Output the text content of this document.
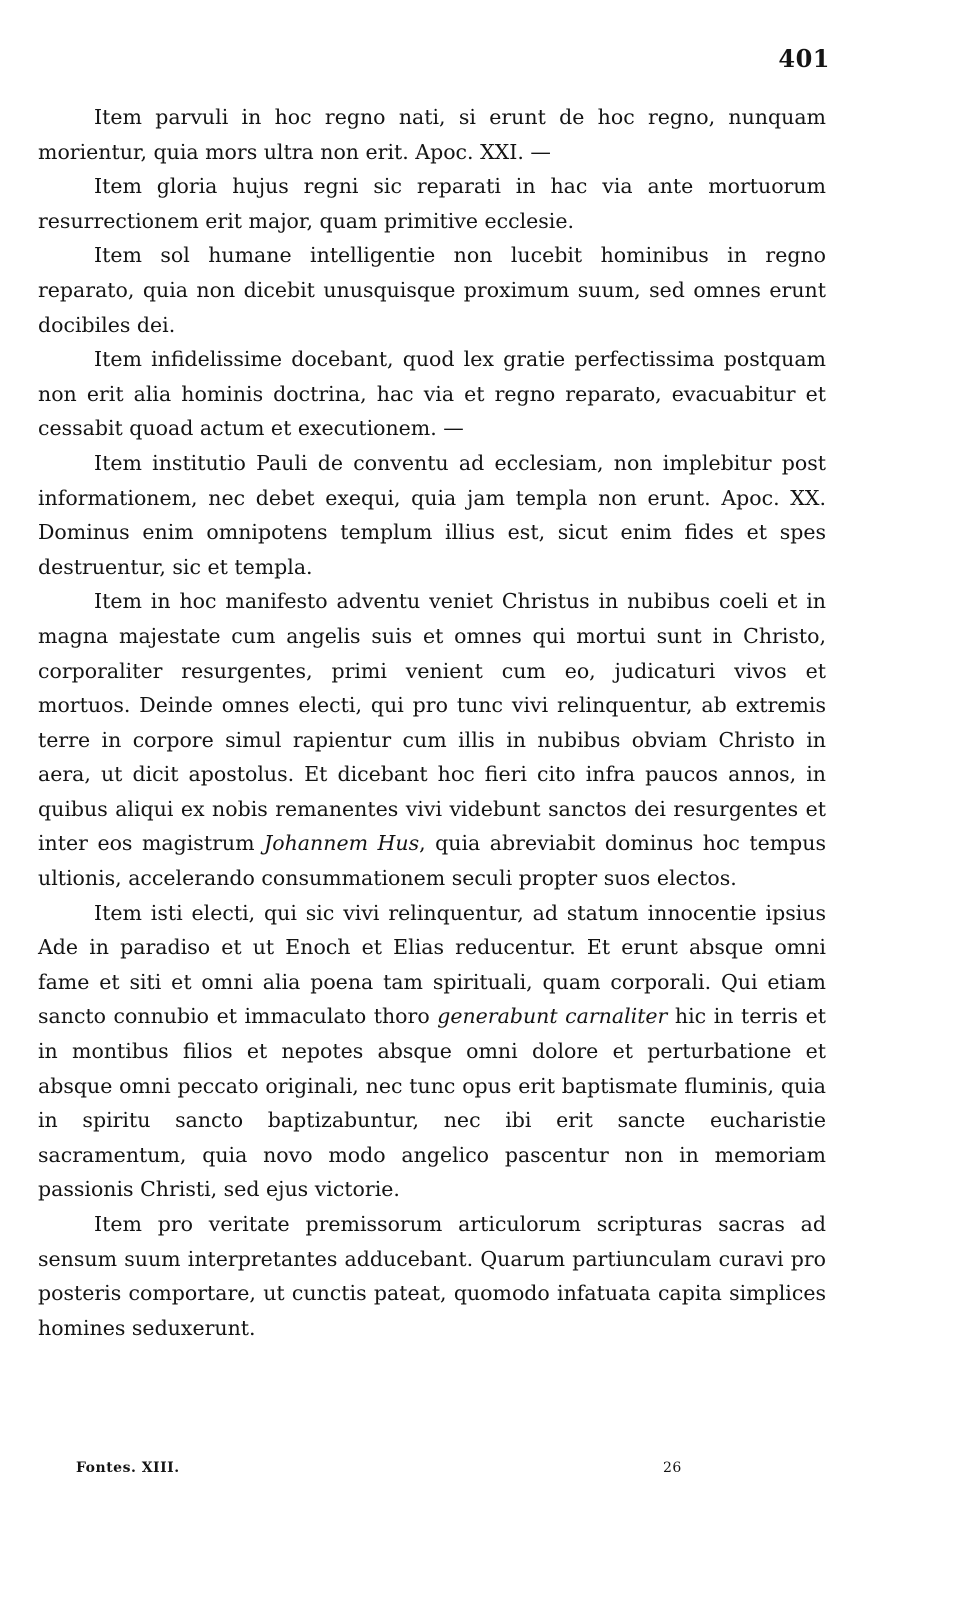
401

Item parvuli in hoc regno nati, si erunt de hoc regno, nunquam morientur, quia mors ultra non erit. Apoc. XXI. —

Item gloria hujus regni sic reparati in hac via ante mortuorum resurrectionem erit major, quam primitive ecclesie.

Item sol humane intelligentie non lucebit hominibus in regno reparato, quia non dicebit unusquisque proximum suum, sed omnes erunt docibiles dei.

Item infidelissime docebant, quod lex gratie perfectissima postquam non erit alia hominis doctrina, hac via et regno reparato, evacuabitur et cessabit quoad actum et executionem. —

Item institutio Pauli de conventu ad ecclesiam, non implebitur post informationem, nec debet exequi, quia jam templa non erunt. Apoc. XX. Dominus enim omnipotens templum illius est, sicut enim fides et spes destruentur, sic et templa.

Item in hoc manifesto adventu veniet Christus in nubibus coeli et in magna majestate cum angelis suis et omnes qui mortui sunt in Christo, corporaliter resurgentes, primi venient cum eo, judicaturi vivos et mortuos. Deinde omnes electi, qui pro tunc vivi relinquentur, ab extremis terre in corpore simul rapientur cum illis in nubibus obviam Christo in aera, ut dicit apostolus. Et dicebant hoc fieri cito infra paucos annos, in quibus aliqui ex nobis remanentes vivi videbunt sanctos dei resurgentes et inter eos magistrum Johannem Hus, quia abreviabit dominus hoc tempus ultionis, accelerando consummationem seculi propter suos electos.

Item isti electi, qui sic vivi relinquentur, ad statum innocentie ipsius Ade in paradiso et ut Enoch et Elias reducentur. Et erunt absque omni fame et siti et omni alia poena tam spirituali, quam corporali. Qui etiam sancto connubio et immaculato thoro generabunt carnaliter hic in terris et in montibus filios et nepotes absque omni dolore et perturbatione et absque omni peccato originali, nec tunc opus erit baptismate fluminis, quia in spiritu sancto baptizabuntur, nec ibi erit sancte eucharistie sacramentum, quia novo modo angelico pascentur non in memoriam passionis Christi, sed ejus victorie.

Item pro veritate premissorum articulorum scripturas sacras ad sensum suum interpretantes adducebant. Quarum partiunculam curavi pro posteris comportare, ut cunctis pateat, quomodo infatuata capita simplices homines seduxerunt.

Fontes. XIII.	26
